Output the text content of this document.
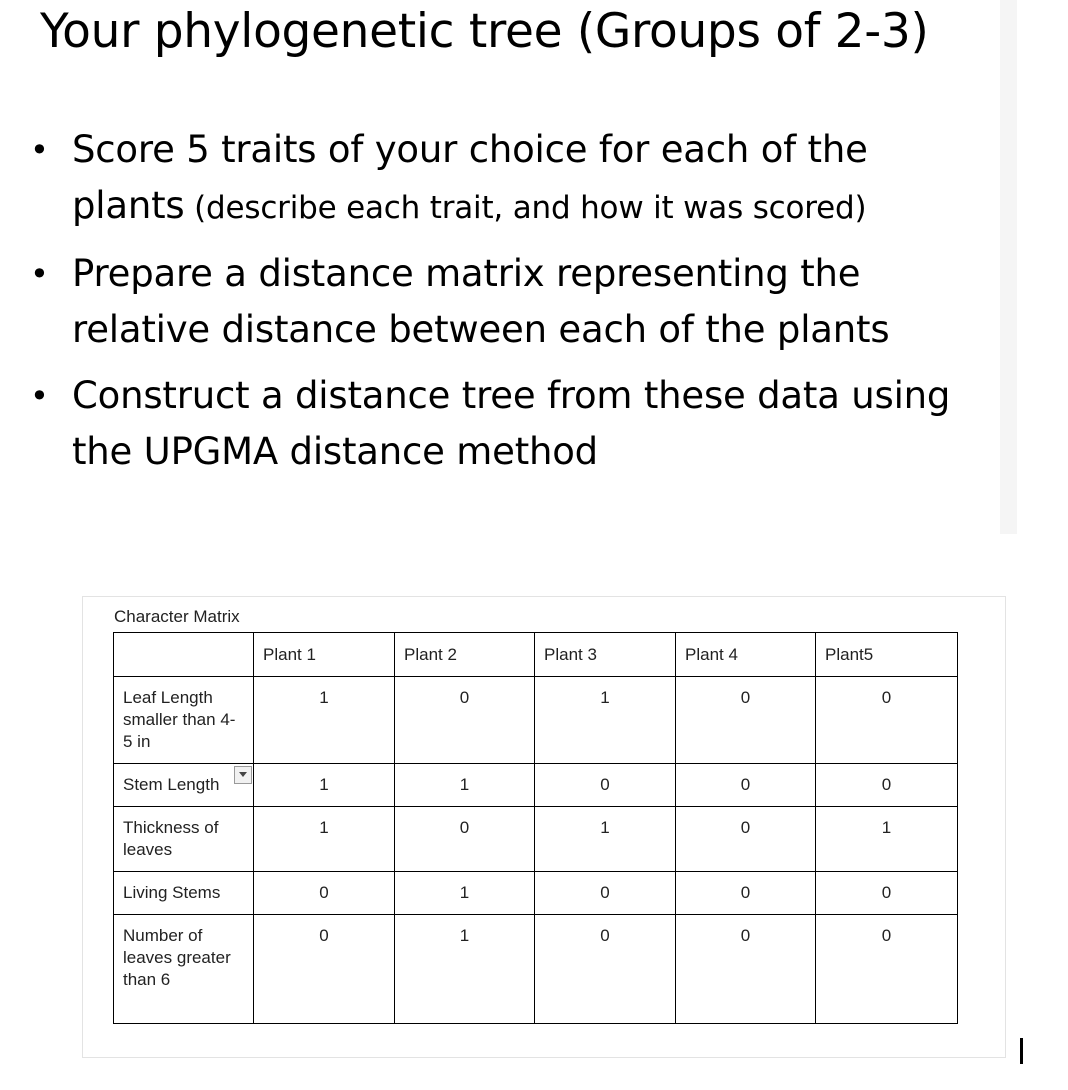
Your phylogenetic tree (Groups of 2-3)
• Score 5 traits of your choice for each of the plants (describe each trait, and how it was scored)
• Prepare a distance matrix representing the relative distance between each of the plants
• Construct a distance tree from these data using the UPGMA distance method
Character Matrix
	Plant 1	Plant 2	Plant 3	Plant 4	Plant5
Leaf Length smaller than 4-5 in	1	0	1	0	0
Stem Length	1	1	0	0	0
Thickness of leaves	1	0	1	0	1
Living Stems	0	1	0	0	0
Number of leaves greater than 6	0	1	0	0	0
